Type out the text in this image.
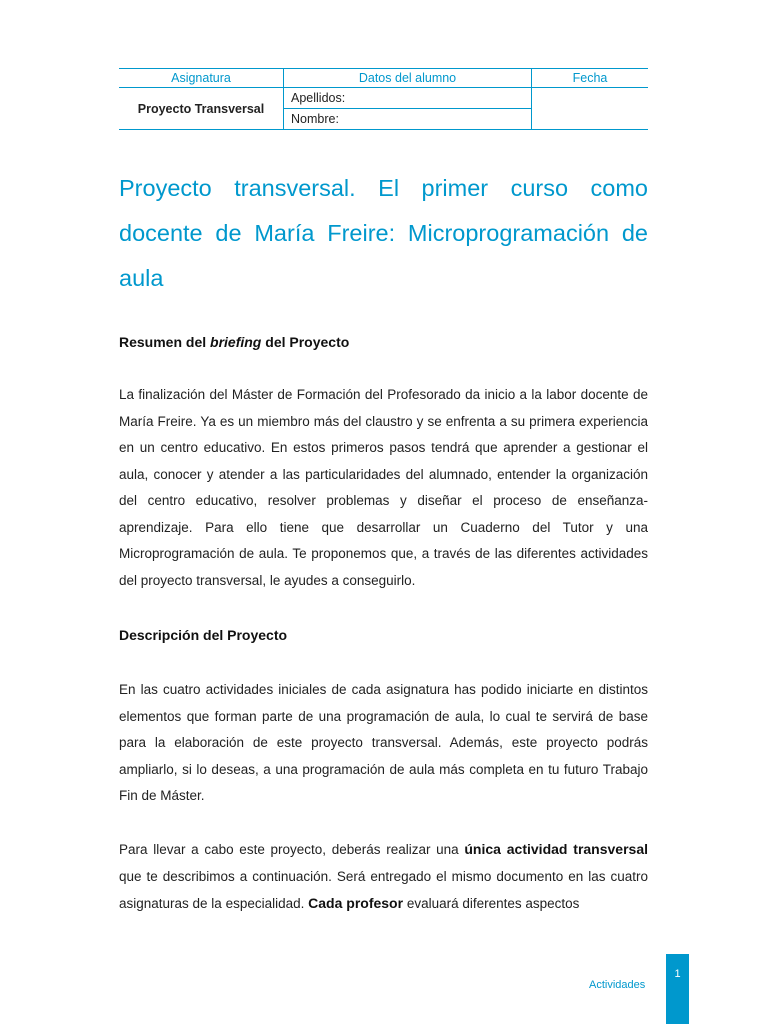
Asignatura	Datos del alumno	Fecha
Proyecto Transversal	Apellidos:	
	Nombre:	
Proyecto transversal. El primer curso como docente de María Freire: Microprogramación de aula
Resumen del briefing del Proyecto

La finalización del Máster de Formación del Profesorado da inicio a la labor docente de María Freire. Ya es un miembro más del claustro y se enfrenta a su primera experiencia en un centro educativo. En estos primeros pasos tendrá que aprender a gestionar el aula, conocer y atender a las particularidades del alumnado, entender la organización del centro educativo, resolver problemas y diseñar el proceso de enseñanza-aprendizaje. Para ello tiene que desarrollar un Cuaderno del Tutor y una Microprogramación de aula. Te proponemos que, a través de las diferentes actividades del proyecto transversal, le ayudes a conseguirlo.

Descripción del Proyecto

En las cuatro actividades iniciales de cada asignatura has podido iniciarte en distintos elementos que forman parte de una programación de aula, lo cual te servirá de base para la elaboración de este proyecto transversal. Además, este proyecto podrás ampliarlo, si lo deseas, a una programación de aula más completa en tu futuro Trabajo Fin de Máster.

Para llevar a cabo este proyecto, deberás realizar una única actividad transversal que te describimos a continuación. Será entregado el mismo documento en las cuatro asignaturas de la especialidad. Cada profesor evaluará diferentes aspectos

Actividades
1
